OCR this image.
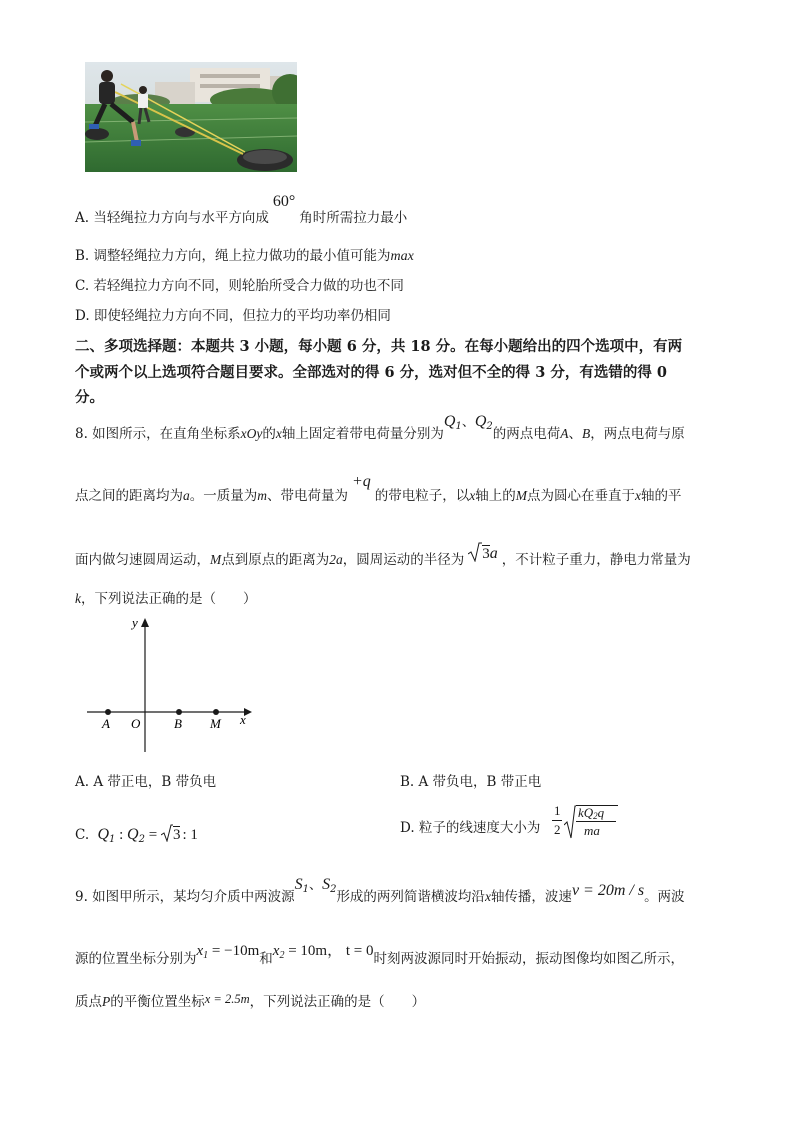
A. 当轻绳拉力方向与水平方向成60°角时所需拉力最小
B. 调整轻绳拉力方向，绳上拉力做功的最小值可能为max
C. 若轻绳拉力方向不同，则轮胎所受合力做的功也不同
D. 即使轻绳拉力方向不同，但拉力的平均功率仍相同
二、多项选择题：本题共 3 小题，每小题 6 分，共 18 分。在每小题给出的四个选项中，有两
个或两个以上选项符合题目要求。全部选对的得 6 分，选对但不全的得 3 分，有选错的得 0
分。
8. 如图所示，在直角坐标系xOy的x轴上固定着带电荷量分别为$Q_1$、$Q_2$的两点电荷A、B，两点电荷与原
点之间的距离均为a。一质量为m、带电荷量为+q的带电粒子，以x轴上的M点为圆心在垂直于x轴的平
面内做匀速圆周运动，M点到原点的距离为2a，圆周运动的半径为 3a ，不计粒子重力，静电力常量为
k，下列说法正确的是（　　）
y
x
A O	B M
A. A 带正电，B 带负电	B. A 带负电，B 带正电
C. $Q_1$ : $Q_2 = 3$ : 1	D. 粒子的线速度大小为
1
2
kQ2q
ma
9. 如图甲所示，某均匀介质中两波源$S_1$、$S_2$形成的两列简谐横波均沿x轴传播，波速v = 20m / s。两波
源的位置坐标分别为$x_1 = -10m$和$x_2 = 10m$， t = 0时刻两波源同时开始振动，振动图像均如图乙所示，
质点P的平衡位置坐标x = 2.5m，下列说法正确的是（　　）
